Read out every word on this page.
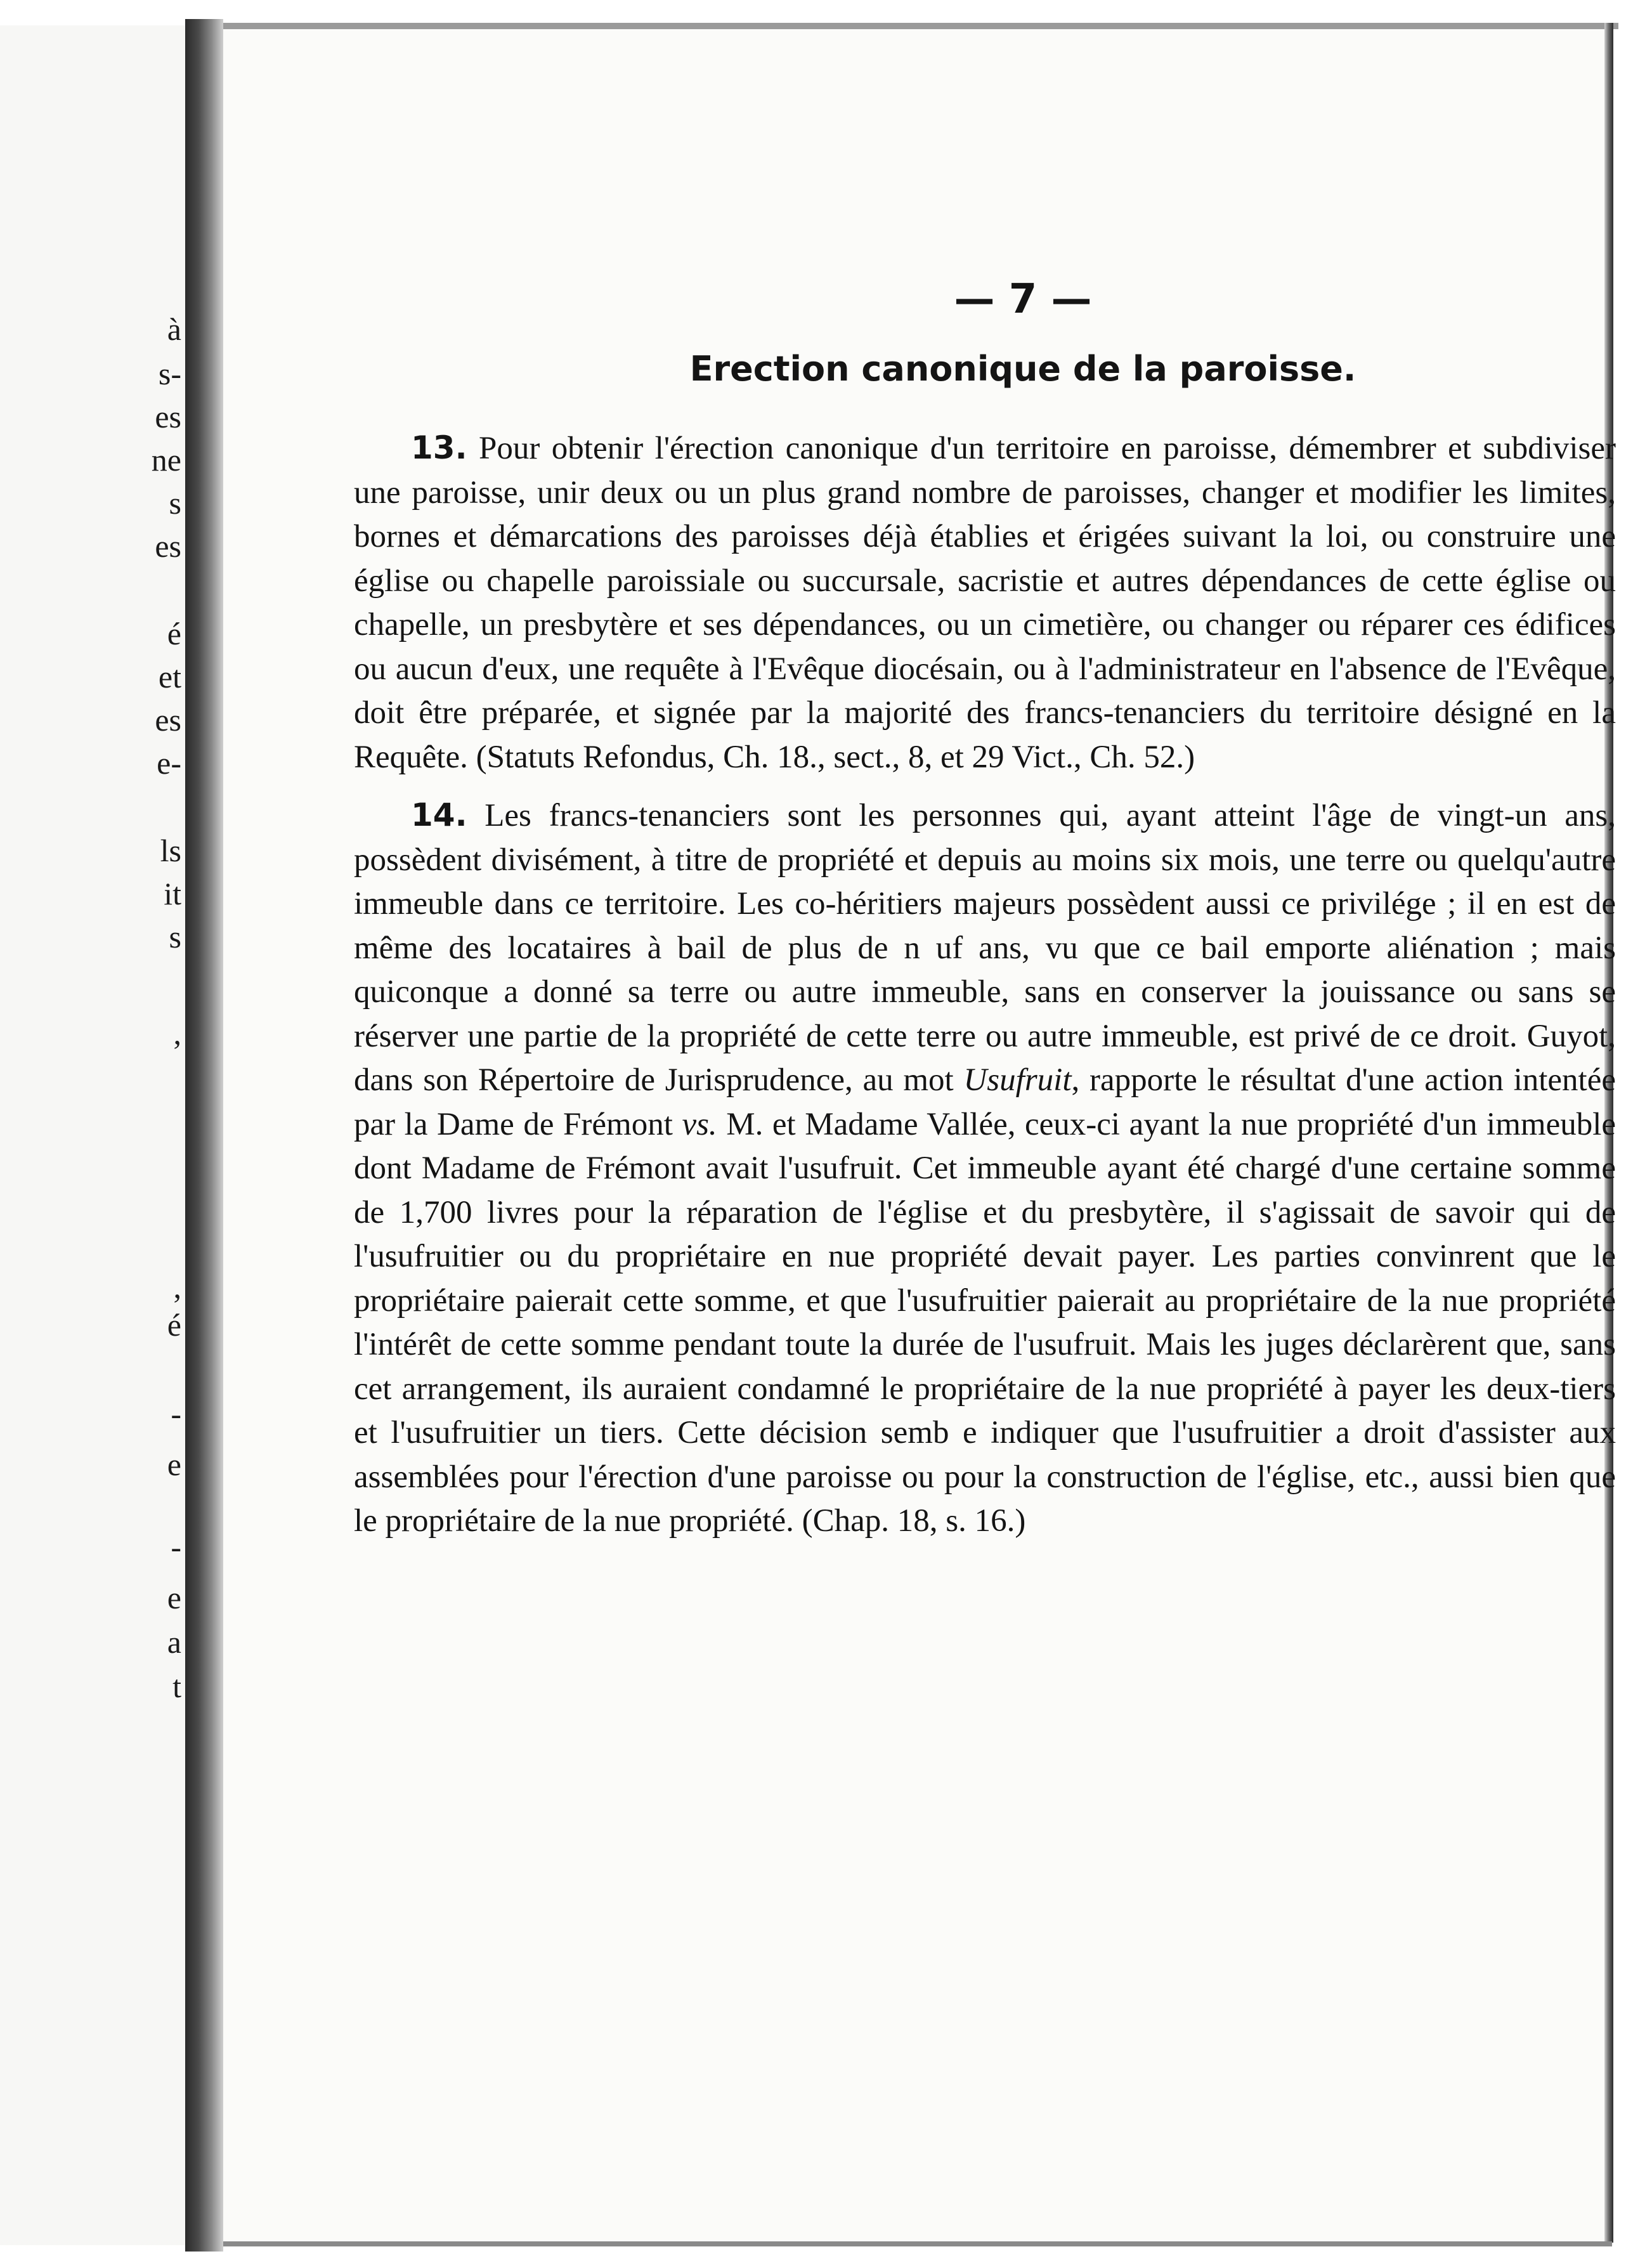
à
s-
es
ne
s
es
é
et
es
e-
ls
it
s
,
,
é
-
e
-
e
a
t
— 7 —
Erection canonique de la paroisse.

13. Pour obtenir l'érection canonique d'un territoire en paroisse, démembrer et subdiviser une paroisse, unir deux ou un plus grand nombre de paroisses, changer et modifier les limites, bornes et démarcations des paroisses déjà établies et érigées suivant la loi, ou construire une église ou chapelle paroissiale ou succursale, sacristie et autres dépendances de cette église ou chapelle, un presbytère et ses dépendances, ou un cimetière, ou changer ou réparer ces édifices ou aucun d'eux, une requête à l'Evêque diocésain, ou à l'administrateur en l'absence de l'Evêque, doit être préparée, et signée par la majorité des francs-tenanciers du territoire désigné en la Requête. (Statuts Refondus, Ch. 18., sect., 8, et 29 Vict., Ch. 52.)

14. Les francs-tenanciers sont les personnes qui, ayant atteint l'âge de vingt-un ans, possèdent divisément, à titre de propriété et depuis au moins six mois, une terre ou quelqu'autre immeuble dans ce territoire. Les co-héritiers majeurs possèdent aussi ce privilége ; il en est de même des locataires à bail de plus de n uf ans, vu que ce bail emporte aliénation ; mais quiconque a donné sa terre ou autre immeuble, sans en conserver la jouissance ou sans se réserver une partie de la propriété de cette terre ou autre immeuble, est privé de ce droit. Guyot, dans son Répertoire de Jurisprudence, au mot Usufruit, rapporte le résultat d'une action intentée par la Dame de Frémont vs. M. et Madame Vallée, ceux-ci ayant la nue propriété d'un immeuble dont Madame de Frémont avait l'usufruit. Cet immeuble ayant été chargé d'une certaine somme de 1,700 livres pour la réparation de l'église et du presbytère, il s'agissait de savoir qui de l'usufruitier ou du propriétaire en nue propriété devait payer. Les parties convinrent que le propriétaire paierait cette somme, et que l'usufruitier paierait au propriétaire de la nue propriété l'intérêt de cette somme pendant toute la durée de l'usufruit. Mais les juges déclarèrent que, sans cet arrangement, ils auraient condamné le propriétaire de la nue propriété à payer les deux-tiers et l'usufruitier un tiers. Cette décision semb e indiquer que l'usufruitier a droit d'assister aux assemblées pour l'érection d'une paroisse ou pour la construction de l'église, etc., aussi bien que le propriétaire de la nue propriété. (Chap. 18, s. 16.)
